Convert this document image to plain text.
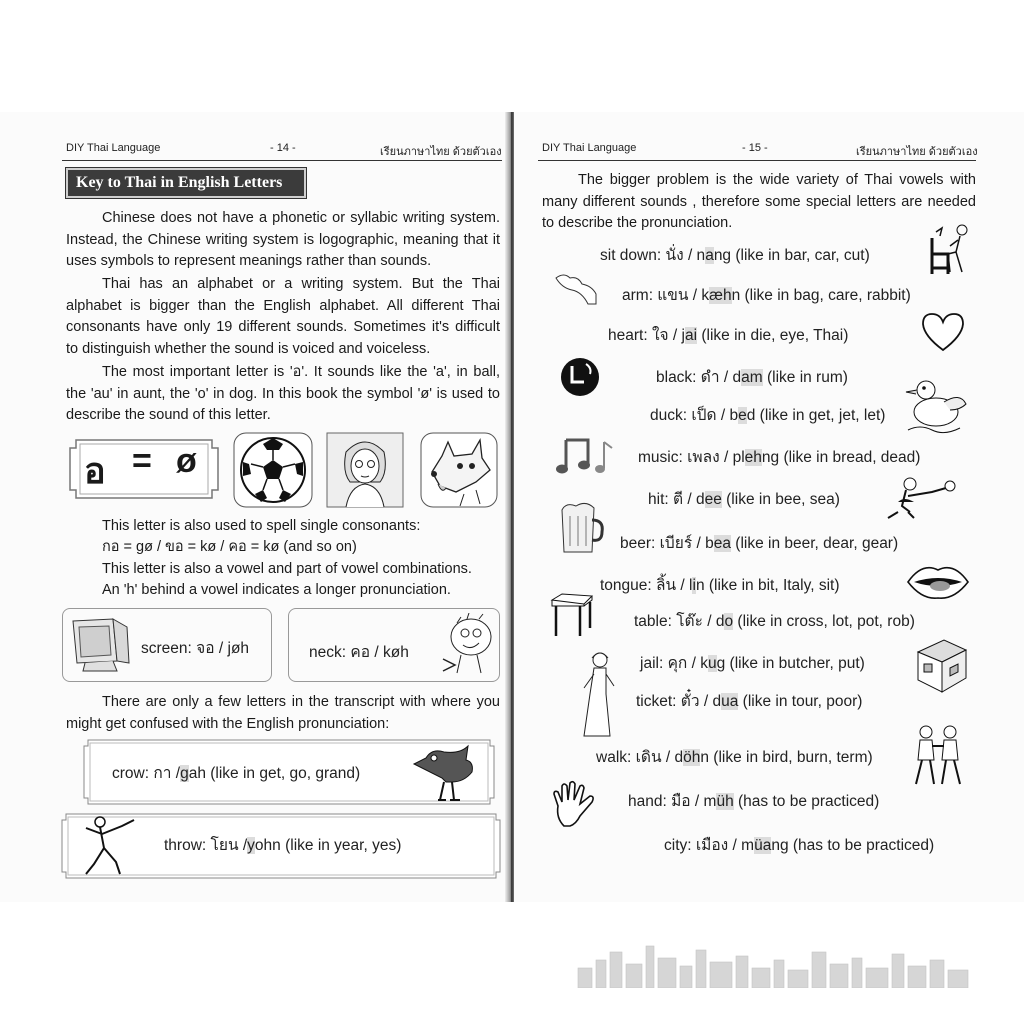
DIY Thai Language	- 14 -	เรียนภาษาไทย ด้วยตัวเอง
Key to Thai in English Letters
Chinese does not have a phonetic or syllabic writing system. Instead, the Chinese writing system is logographic, meaning that it uses symbols to represent meanings rather than sounds.
Thai has an alphabet or a writing system. But the Thai alphabet is bigger than the English alphabet. All different Thai consonants have only 19 different sounds. Sometimes it's difficult to distinguish whether the sound is voiced and voiceless.
The most important letter is 'อ'. It sounds like the 'a', in ball, the 'au' in aunt, the 'o' in dog. In this book the symbol 'ø' is used to describe the sound of this letter.
อ = ø
This letter is also used to spell single consonants:
กอ = gø / ขอ = kø / คอ = kø (and so on)
This letter is also a vowel and part of vowel combinations.
An 'h' behind a vowel indicates a longer pronunciation.
screen: จอ / jøh	neck: คอ / køh
There are only a few letters in the transcript with where you might get confused with the English pronunciation:
crow: กา /gah (like in get, go, grand)
throw: โยน /yohn (like in year, yes)
DIY Thai Language	- 15 -	เรียนภาษาไทย ด้วยตัวเอง
The bigger problem is the wide variety of Thai vowels with many different sounds , therefore some special letters are needed to describe the pronunciation.
sit down: นั่ง / nang (like in bar, car, cut)
arm: แขน / kæhn (like in bag, care, rabbit)
heart: ใจ / jai (like in die, eye, Thai)
black: ดำ / dam (like in rum)
duck: เป็ด / bed (like in get, jet, let)
music: เพลง / plehng (like in bread, dead)
hit: ตี / dee (like in bee, sea)
beer: เบียร์ / bea (like in beer, dear, gear)
tongue: ลิ้น / lin (like in bit, Italy, sit)
table: โต๊ะ / do (like in cross, lot, pot, rob)
jail: คุก / kug (like in butcher, put)
ticket: ตั๋ว / dua (like in tour, poor)
walk: เดิน / döhn (like in bird, burn, term)
hand: มือ / müh (has to be practiced)
city: เมือง / müang (has to be practiced)
